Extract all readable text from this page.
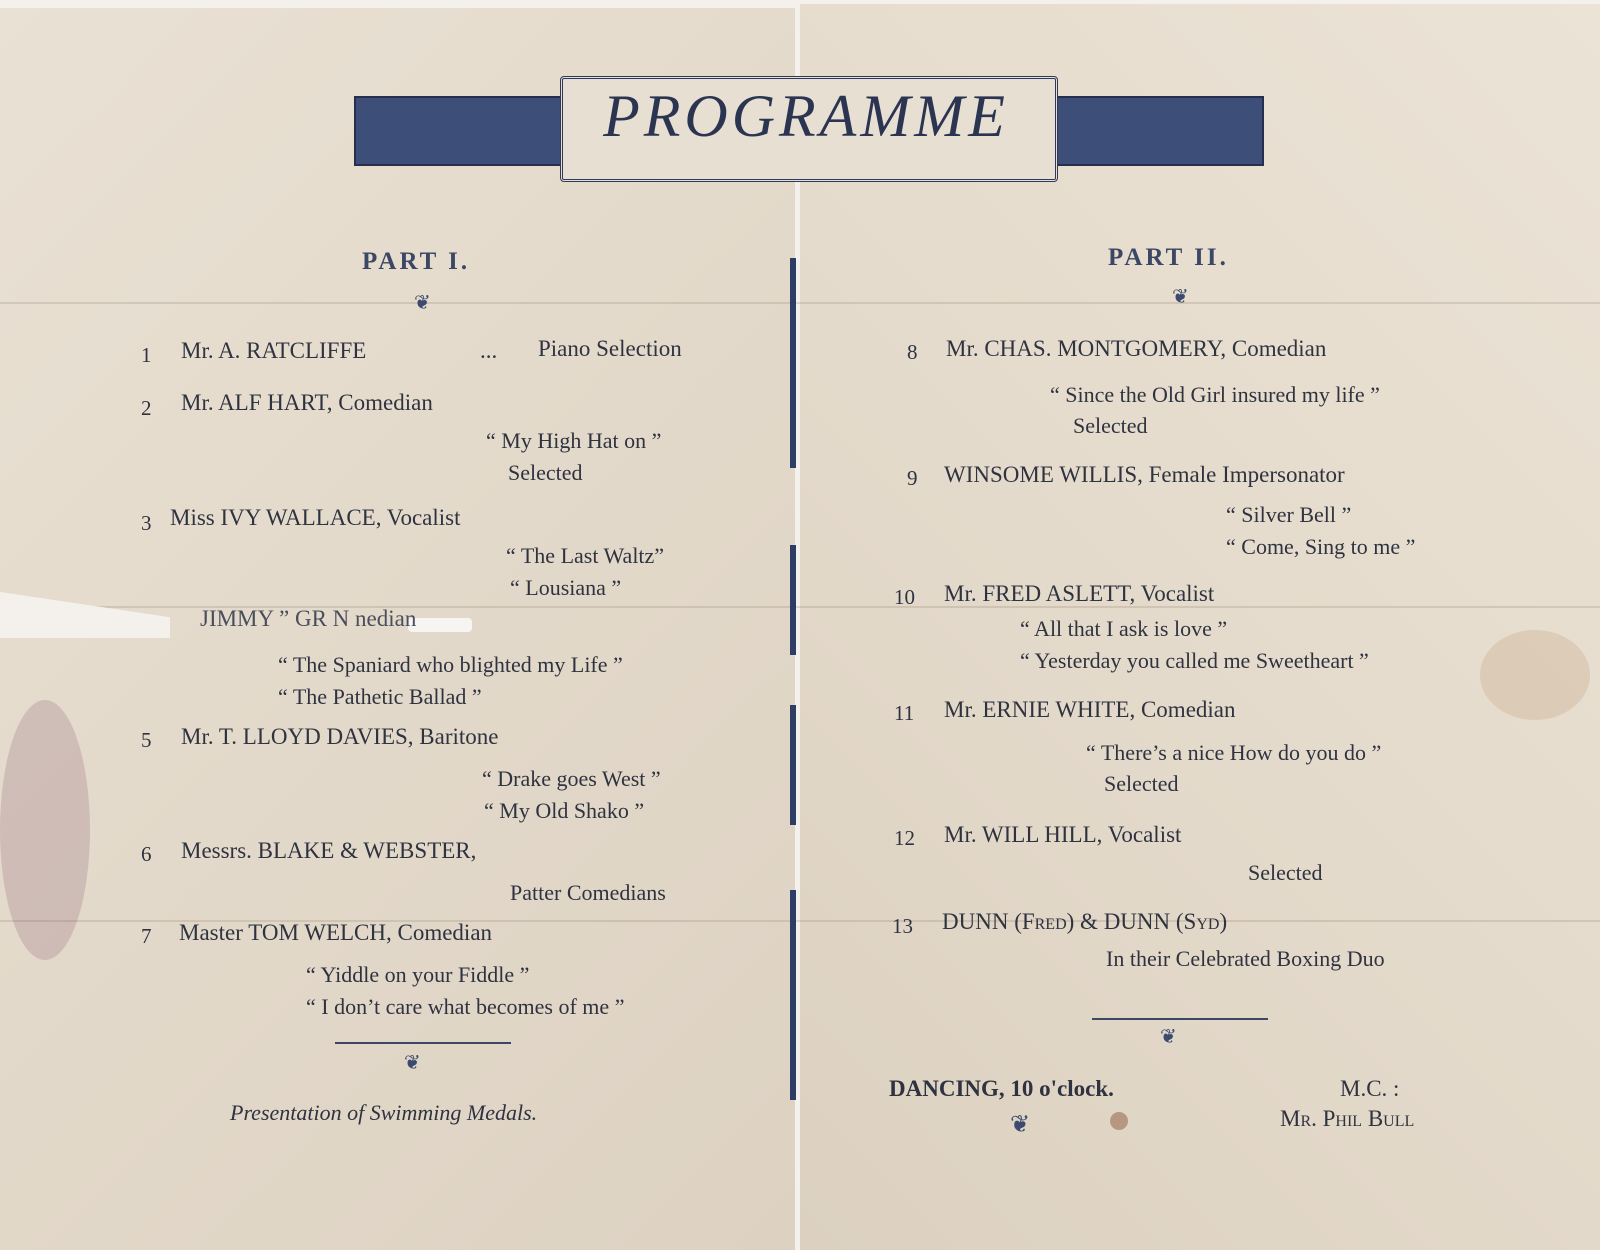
PROGRAMME
PART I.
❦
1 Mr. A. RATCLIFFE	... Piano Selection
2 Mr. ALF HART, Comedian
“ My High Hat on ”
Selected
3 Miss IVY WALLACE, Vocalist
“ The Last Waltz”
“ Lousiana ”
JIMMY ” GR N nedian
“ The Spaniard who blighted my Life ”
“ The Pathetic Ballad ”
5 Mr. T. LLOYD DAVIES, Baritone
“ Drake goes West ”
“ My Old Shako ”
6 Messrs. BLAKE & WEBSTER,
Patter Comedians
7 Master TOM WELCH, Comedian
“ Yiddle on your Fiddle ”
“ I don’t care what becomes of me ”
❦
Presentation of Swimming Medals.
PART II.
❦
8 Mr. CHAS. MONTGOMERY, Comedian
“ Since the Old Girl insured my life ”
Selected
9 WINSOME WILLIS, Female Impersonator
“ Silver Bell ”
“ Come, Sing to me ”
10 Mr. FRED ASLETT, Vocalist
“ All that I ask is love ”
“ Yesterday you called me Sweetheart ”
11 Mr. ERNIE WHITE, Comedian
“ There’s a nice How do you do ”
Selected
12 Mr. WILL HILL, Vocalist
Selected
13 DUNN (Fred) & DUNN (Syd)
In their Celebrated Boxing Duo
❦
DANCING, 10 o'clock.
❦
M.C. :
Mr. Phil Bull
